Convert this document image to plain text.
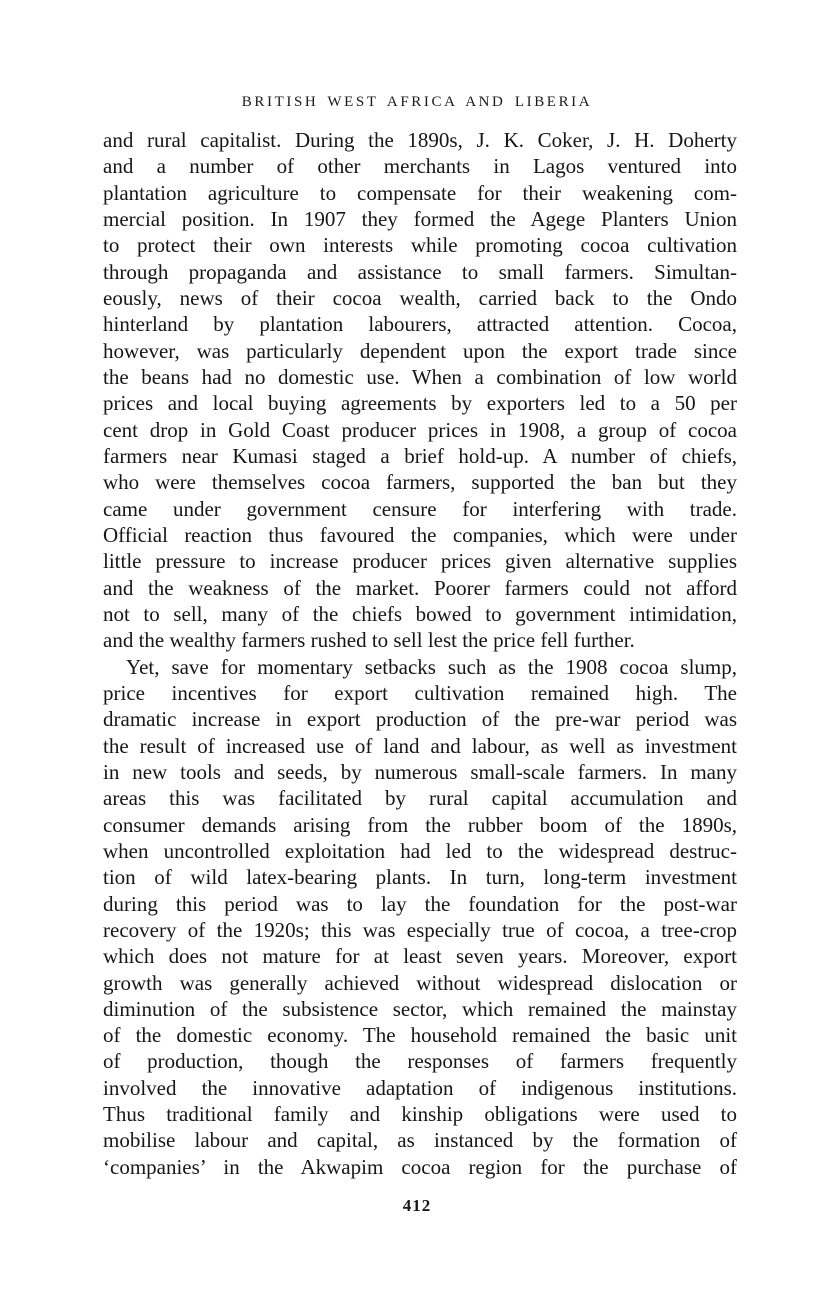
BRITISH WEST AFRICA AND LIBERIA
and rural capitalist. During the 1890s, J. K. Coker, J. H. Doherty
and a number of other merchants in Lagos ventured into
plantation agriculture to compensate for their weakening com-
mercial position. In 1907 they formed the Agege Planters Union
to protect their own interests while promoting cocoa cultivation
through propaganda and assistance to small farmers. Simultan-
eously, news of their cocoa wealth, carried back to the Ondo
hinterland by plantation labourers, attracted attention. Cocoa,
however, was particularly dependent upon the export trade since
the beans had no domestic use. When a combination of low world
prices and local buying agreements by exporters led to a 50 per
cent drop in Gold Coast producer prices in 1908, a group of cocoa
farmers near Kumasi staged a brief hold-up. A number of chiefs,
who were themselves cocoa farmers, supported the ban but they
came under government censure for interfering with trade.
Official reaction thus favoured the companies, which were under
little pressure to increase producer prices given alternative supplies
and the weakness of the market. Poorer farmers could not afford
not to sell, many of the chiefs bowed to government intimidation,
and the wealthy farmers rushed to sell lest the price fell further.
Yet, save for momentary setbacks such as the 1908 cocoa slump,
price incentives for export cultivation remained high. The
dramatic increase in export production of the pre-war period was
the result of increased use of land and labour, as well as investment
in new tools and seeds, by numerous small-scale farmers. In many
areas this was facilitated by rural capital accumulation and
consumer demands arising from the rubber boom of the 1890s,
when uncontrolled exploitation had led to the widespread destruc-
tion of wild latex-bearing plants. In turn, long-term investment
during this period was to lay the foundation for the post-war
recovery of the 1920s; this was especially true of cocoa, a tree-crop
which does not mature for at least seven years. Moreover, export
growth was generally achieved without widespread dislocation or
diminution of the subsistence sector, which remained the mainstay
of the domestic economy. The household remained the basic unit
of production, though the responses of farmers frequently
involved the innovative adaptation of indigenous institutions.
Thus traditional family and kinship obligations were used to
mobilise labour and capital, as instanced by the formation of
‘companies’ in the Akwapim cocoa region for the purchase of
412
